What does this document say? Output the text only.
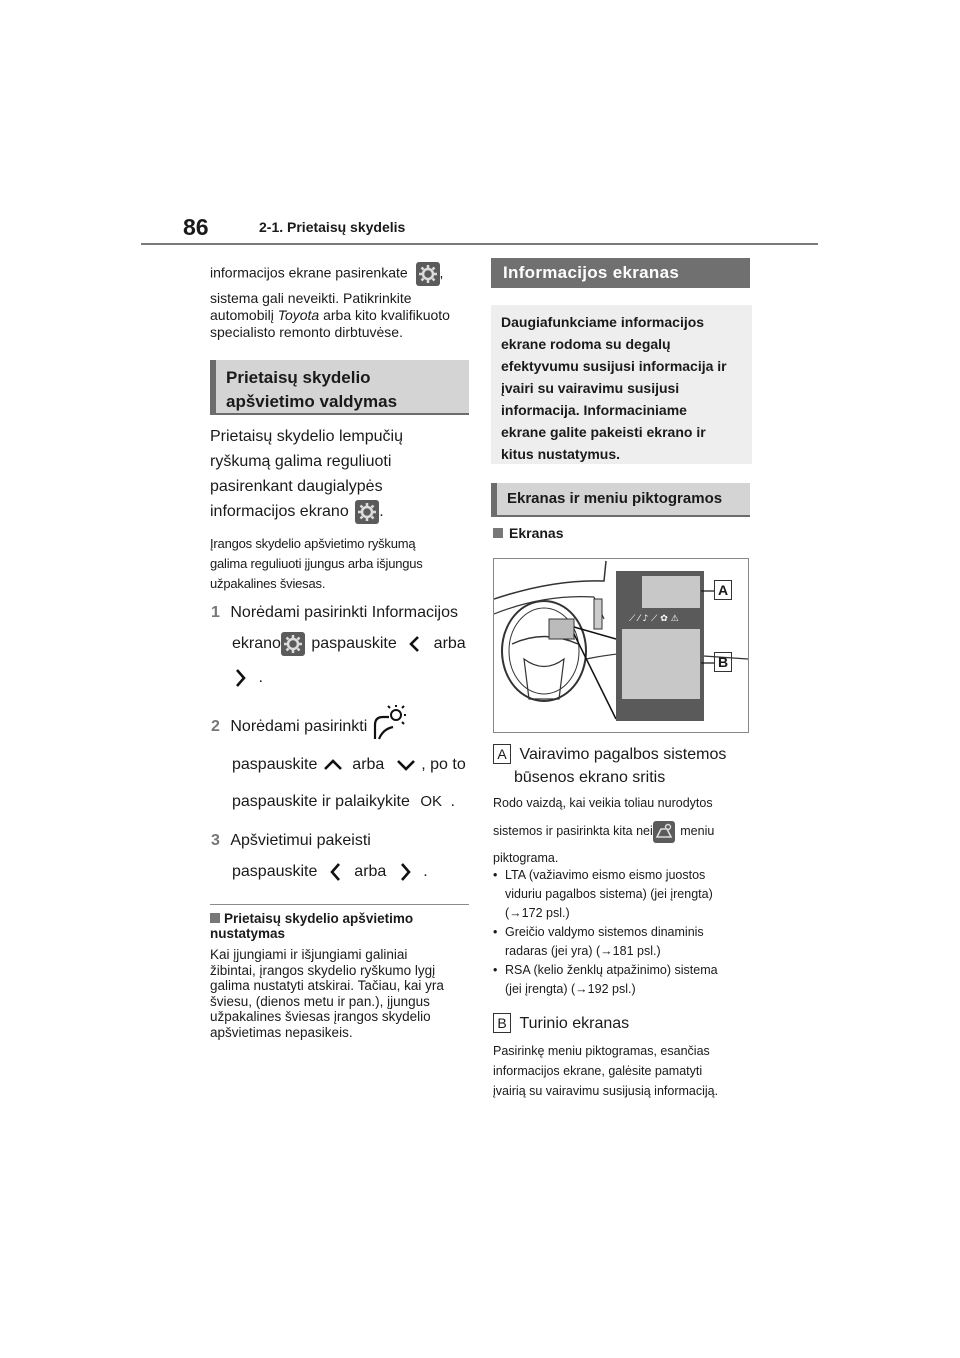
86	2-1. Prietaisų skydelis
informacijos ekrane pasirenkate ,
sistema gali neveikti. Patikrinkite
automobilį Toyota arba kito kvalifikuoto
specialisto remonto dirbtuvėse.
Prietaisų skydelio
apšvietimo valdymas
Prietaisų skydelio lempučių
ryškumą galima reguliuoti
pasirenkant daugialypės
informacijos ekrano .
Įrangos skydelio apšvietimo ryškumą
galima reguliuoti įjungus arba išjungus
užpakalines šviesas.
1 Norėdami pasirinkti Informacijos
ekrano paspauskite arba
.
2 Norėdami pasirinkti
paspauskite arba , po to
paspauskite ir palaikykite OK .
3 Apšvietimui pakeisti
paspauskite arba .
Prietaisų skydelio apšvietimo
nustatymas
Kai įjungiami ir išjungiami galiniai
žibintai, įrangos skydelio ryškumo lygį
galima nustatyti atskirai. Tačiau, kai yra
šviesu, (dienos metu ir pan.), įjungus
užpakalines šviesas įrangos skydelio
apšvietimas nepasikeis.
Informacijos ekranas
Daugiafunkciame informacijos
ekrane rodoma su degalų
efektyvumu susijusi informacija ir
įvairi su vairavimu susijusi
informacija. Informaciniame
ekrane galite pakeisti ekrano ir
kitus nustatymus.
Ekranas ir meniu piktogramos
Ekranas
⟋ ⁄ ♪ ⟋ ✿ ⚠
A
B
A Vairavimo pagalbos sistemos
būsenos ekrano sritis
Rodo vaizdą, kai veikia toliau nurodytos
sistemos ir pasirinkta kita nei meniu
piktograma.
• LTA (važiavimo eismo eismo juostos
viduriu pagalbos sistema) (jei įrengta)
(→172 psl.)
• Greičio valdymo sistemos dinaminis
radaras (jei yra) (→181 psl.)
• RSA (kelio ženklų atpažinimo) sistema
(jei įrengta) (→192 psl.)
B Turinio ekranas
Pasirinkę meniu piktogramas, esančias
informacijos ekrane, galėsite pamatyti
įvairią su vairavimu susijusią informaciją.
